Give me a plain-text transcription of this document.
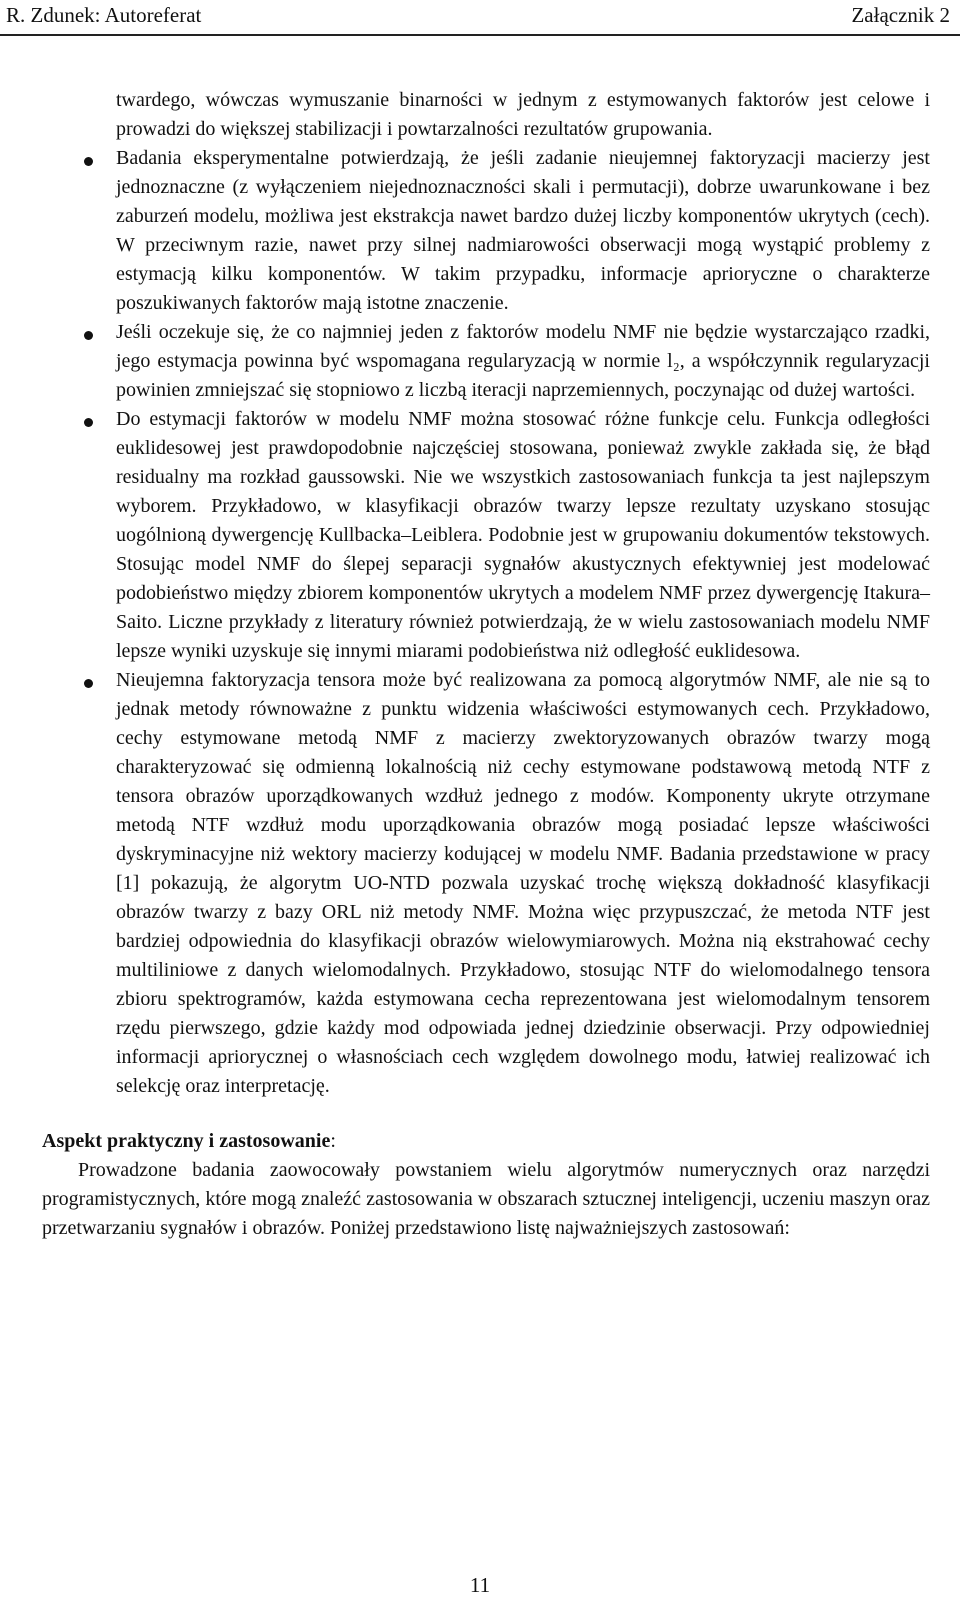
R. Zdunek: Autoreferat	Załącznik 2

twardego, wówczas wymuszanie binarności w jednym z estymowanych faktorów jest celowe i prowadzi do większej stabilizacji i powtarzalności rezultatów grupowania.

Badania eksperymentalne potwierdzają, że jeśli zadanie nieujemnej faktoryzacji macierzy jest jednoznaczne (z wyłączeniem niejednoznaczności skali i permutacji), dobrze uwarunkowane i bez zaburzeń modelu, możliwa jest ekstrakcja nawet bardzo dużej liczby komponentów ukrytych (cech). W przeciwnym razie, nawet przy silnej nadmiarowości obserwacji mogą wystąpić problemy z estymacją kilku komponentów. W takim przypadku, informacje aprioryczne o charakterze poszukiwanych faktorów mają istotne znaczenie.

Jeśli oczekuje się, że co najmniej jeden z faktorów modelu NMF nie będzie wystarczająco rzadki, jego estymacja powinna być wspomagana regularyzacją w normie l₂, a współczynnik regularyzacji powinien zmniejszać się stopniowo z liczbą iteracji naprzemiennych, poczynając od dużej wartości.

Do estymacji faktorów w modelu NMF można stosować różne funkcje celu. Funkcja odległości euklidesowej jest prawdopodobnie najczęściej stosowana, ponieważ zwykle zakłada się, że błąd residualny ma rozkład gaussowski. Nie we wszystkich zastosowaniach funkcja ta jest najlepszym wyborem. Przykładowo, w klasyfikacji obrazów twarzy lepsze rezultaty uzyskano stosując uogólnioną dywergencję Kullbacka–Leiblera. Podobnie jest w grupowaniu dokumentów tekstowych. Stosując model NMF do ślepej separacji sygnałów akustycznych efektywniej jest modelować podobieństwo między zbiorem komponentów ukrytych a modelem NMF przez dywergencję Itakura–Saito. Liczne przykłady z literatury również potwierdzają, że w wielu zastosowaniach modelu NMF lepsze wyniki uzyskuje się innymi miarami podobieństwa niż odległość euklidesowa.

Nieujemna faktoryzacja tensora może być realizowana za pomocą algorytmów NMF, ale nie są to jednak metody równoważne z punktu widzenia właściwości estymowanych cech. Przykładowo, cechy estymowane metodą NMF z macierzy zwektoryzowanych obrazów twarzy mogą charakteryzować się odmienną lokalnością niż cechy estymowane podstawową metodą NTF z tensora obrazów uporządkowanych wzdłuż jednego z modów. Komponenty ukryte otrzymane metodą NTF wzdłuż modu uporządkowania obrazów mogą posiadać lepsze właściwości dyskryminacyjne niż wektory macierzy kodującej w modelu NMF. Badania przedstawione w pracy [1] pokazują, że algorytm UO-NTD pozwala uzyskać trochę większą dokładność klasyfikacji obrazów twarzy z bazy ORL niż metody NMF. Można więc przypuszczać, że metoda NTF jest bardziej odpowiednia do klasyfikacji obrazów wielowymiarowych. Można nią ekstrahować cechy multiliniowe z danych wielomodalnych. Przykładowo, stosując NTF do wielomodalnego tensora zbioru spektrogramów, każda estymowana cecha reprezentowana jest wielomodalnym tensorem rzędu pierwszego, gdzie każdy mod odpowiada jednej dziedzinie obserwacji. Przy odpowiedniej informacji apriorycznej o własnościach cech względem dowolnego modu, łatwiej realizować ich selekcję oraz interpretację.

Aspekt praktyczny i zastosowanie:

Prowadzone badania zaowocowały powstaniem wielu algorytmów numerycznych oraz narzędzi programistycznych, które mogą znaleźć zastosowania w obszarach sztucznej inteligencji, uczeniu maszyn oraz przetwarzaniu sygnałów i obrazów. Poniżej przedstawiono listę najważniejszych zastosowań:

11
